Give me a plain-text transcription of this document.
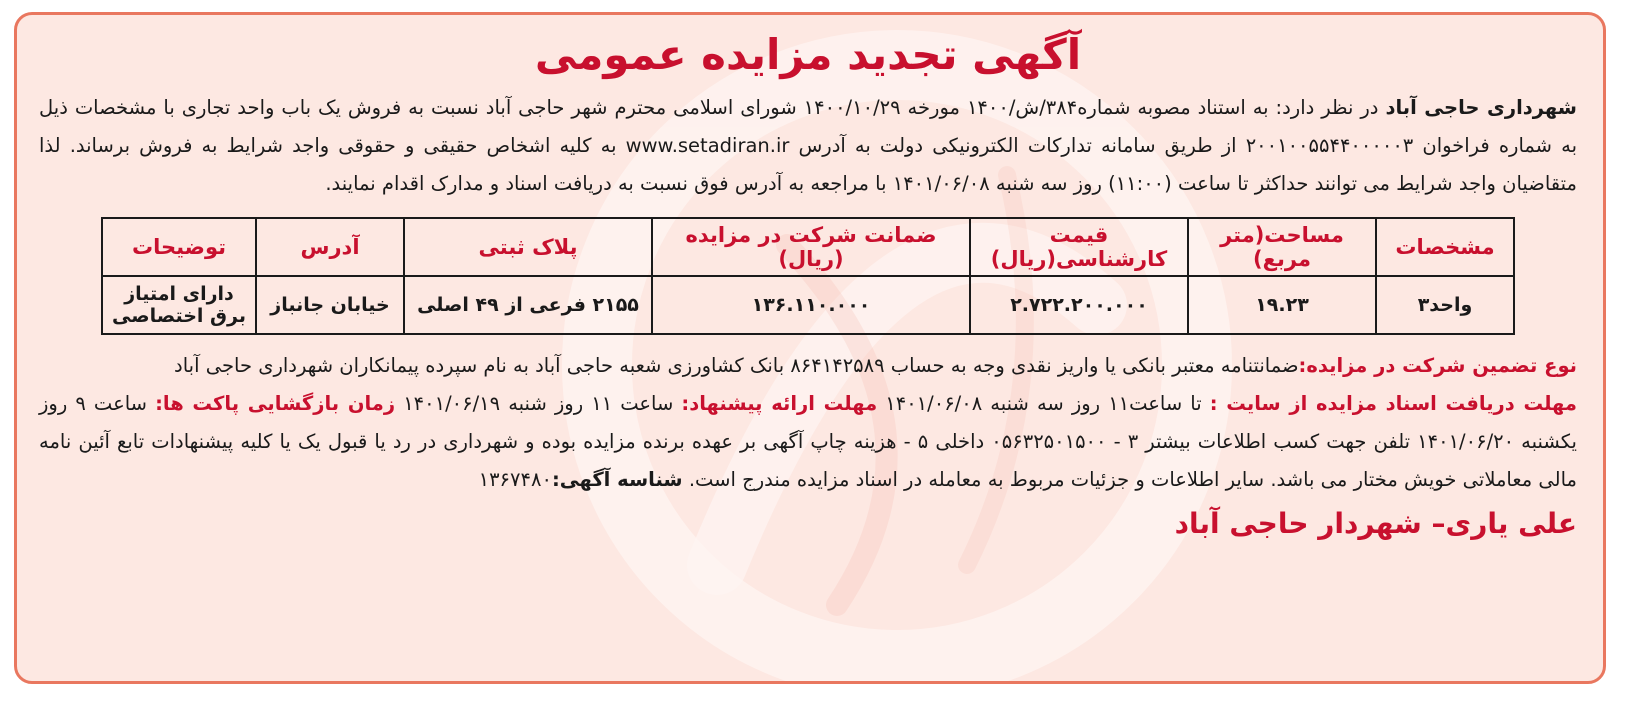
آگهی تجدید مزایده عمومی

شهرداری حاجی آباد در نظر دارد: به استناد مصوبه شماره۳۸۴/ش/۱۴۰۰ مورخه ۱۴۰۰/۱۰/۲۹ شورای اسلامی محترم شهر حاجی آباد نسبت به فروش یک باب واحد تجاری با مشخصات ذیل به شماره فراخوان ۲۰۰۱۰۰۵۵۴۴۰۰۰۰۰۳ از طریق سامانه تدارکات الکترونیکی دولت به آدرس www.setadiran.ir به کلیه اشخاص حقیقی و حقوقی واجد شرایط به فروش برساند. لذا متقاضیان واجد شرایط می توانند حداکثر تا ساعت (۱۱:۰۰) روز سه شنبه ۱۴۰۱/۰۶/۰۸ با مراجعه به آدرس فوق نسبت به دریافت اسناد و مدارک اقدام نمایند.

مشخصات	مساحت(متر مربع)	قیمت کارشناسی(ریال)	ضمانت شرکت در مزایده (ریال)	پلاک ثبتی	آدرس	توضیحات
واحد۳	۱۹.۲۳	۲.۷۲۲.۲۰۰.۰۰۰	۱۳۶.۱۱۰.۰۰۰	۲۱۵۵ فرعی از ۴۹ اصلی	خیابان جانباز	دارای امتیاز برق اختصاصی

نوع تضمین شرکت در مزایده:ضمانتنامه معتبر بانکی یا واریز نقدی وجه به حساب ۸۶۴۱۴۲۵۸۹ بانک کشاورزی شعبه حاجی آباد به نام سپرده پیمانکاران شهرداری حاجی آباد
مهلت دریافت اسناد مزایده از سایت : تا ساعت۱۱ روز سه شنبه ۱۴۰۱/۰۶/۰۸ مهلت ارائه پیشنهاد: ساعت ۱۱ روز شنبه ۱۴۰۱/۰۶/۱۹ زمان بازگشایی پاکت ها: ساعت ۹ روز یکشنبه ۱۴۰۱/۰۶/۲۰ تلفن جهت کسب اطلاعات بیشتر ۳ - ۰۵۶۳۲۵۰۱۵۰۰ داخلی ۵ - هزینه چاپ آگهی بر عهده برنده مزایده بوده و شهرداری در رد یا قبول یک یا کلیه پیشنهادات تابع آئین نامه مالی معاملاتی خویش مختار می باشد. سایر اطلاعات و جزئیات مربوط به معامله در اسناد مزایده مندرج است. شناسه آگهی:۱۳۶۷۴۸۰

علی یاری– شهردار حاجی آباد
